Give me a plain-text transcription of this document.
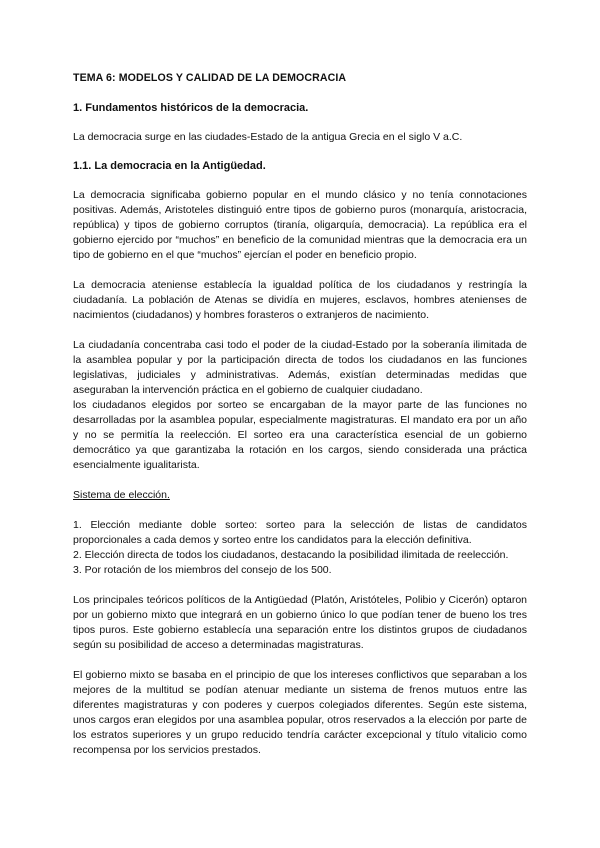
TEMA 6: MODELOS Y CALIDAD DE LA DEMOCRACIA
1. Fundamentos históricos de la democracia.

La democracia surge en las ciudades-Estado de la antigua Grecia en el siglo V a.C.

1.1. La democracia en la Antigüedad.

La democracia significaba gobierno popular en el mundo clásico y no tenía connotaciones positivas. Además, Aristoteles distinguió entre tipos de gobierno puros (monarquía, aristocracia, república) y tipos de gobierno corruptos (tiranía, oligarquía, democracia). La república era el gobierno ejercido por “muchos” en beneficio de la comunidad mientras que la democracia era un tipo de gobierno en el que “muchos” ejercían el poder en beneficio propio.

La democracia ateniense establecía la igualdad política de los ciudadanos y restringía la ciudadanía. La población de Atenas se dividía en mujeres, esclavos, hombres atenienses de nacimientos (ciudadanos) y hombres forasteros o extranjeros de nacimiento.

La ciudadanía concentraba casi todo el poder de la ciudad-Estado por la soberanía ilimitada de la asamblea popular y por la participación directa de todos los ciudadanos en las funciones legislativas, judiciales y administrativas. Además, existían determinadas medidas que aseguraban la intervención práctica en el gobierno de cualquier ciudadano.

los ciudadanos elegidos por sorteo se encargaban de la mayor parte de las funciones no desarrolladas por la asamblea popular, especialmente magistraturas. El mandato era por un año y no se permitía la reelección. El sorteo era una característica esencial de un gobierno democrático ya que garantizaba la rotación en los cargos, siendo considerada una práctica esencialmente igualitarista.

Sistema de elección.
1. Elección mediante doble sorteo: sorteo para la selección de listas de candidatos proporcionales a cada demos y sorteo entre los candidatos para la elección definitiva.
2. Elección directa de todos los ciudadanos, destacando la posibilidad ilimitada de reelección.
3. Por rotación de los miembros del consejo de los 500.

Los principales teóricos políticos de la Antigüedad (Platón, Aristóteles, Polibio y Cicerón) optaron por un gobierno mixto que integrará en un gobierno único lo que podían tener de bueno los tres tipos puros. Este gobierno establecía una separación entre los distintos grupos de ciudadanos según su posibilidad de acceso a determinadas magistraturas.

El gobierno mixto se basaba en el principio de que los intereses conflictivos que separaban a los mejores de la multitud se podían atenuar mediante un sistema de frenos mutuos entre las diferentes magistraturas y con poderes y cuerpos colegiados diferentes. Según este sistema, unos cargos eran elegidos por una asamblea popular, otros reservados a la elección por parte de los estratos superiores y un grupo reducido tendría carácter excepcional y título vitalicio como recompensa por los servicios prestados.
